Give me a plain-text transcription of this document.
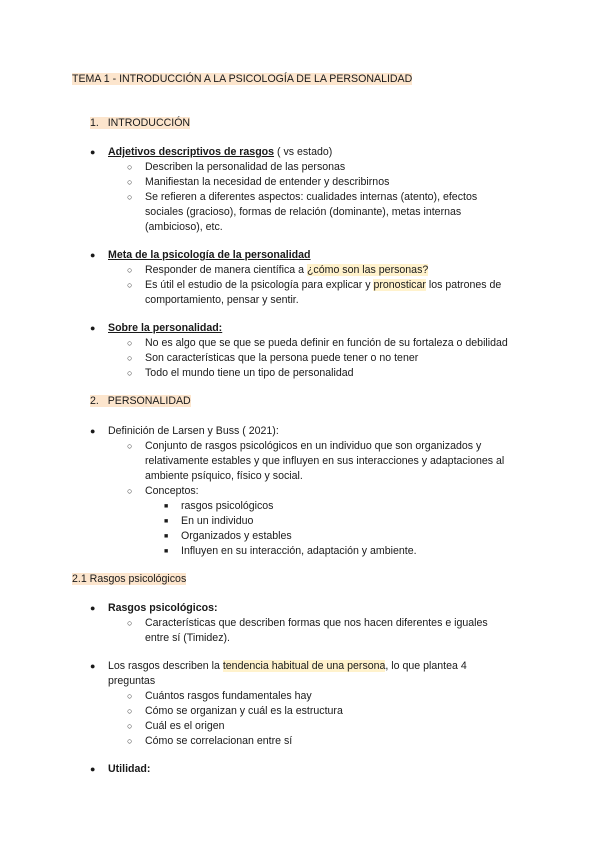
TEMA 1 - INTRODUCCIÓN A LA PSICOLOGÍA DE LA PERSONALIDAD
1. INTRODUCCIÓN
● Adjetivos descriptivos de rasgos ( vs estado)
○ Describen la personalidad de las personas
○ Manifiestan la necesidad de entender y describirnos
○ Se refieren a diferentes aspectos: cualidades internas (atento), efectos
sociales (gracioso), formas de relación (dominante), metas internas
(ambicioso), etc.
● Meta de la psicología de la personalidad
○ Responder de manera científica a ¿cómo son las personas?
○ Es útil el estudio de la psicología para explicar y pronosticar los patrones de
comportamiento, pensar y sentir.
● Sobre la personalidad:
○ No es algo que se que se pueda definir en función de su fortaleza o debilidad
○ Son características que la persona puede tener o no tener
○ Todo el mundo tiene un tipo de personalidad
2. PERSONALIDAD
● Definición de Larsen y Buss ( 2021):
○ Conjunto de rasgos psicológicos en un individuo que son organizados y
relativamente estables y que influyen en sus interacciones y adaptaciones al
ambiente psíquico, físico y social.
○ Conceptos:
■ rasgos psicológicos
■ En un individuo
■ Organizados y estables
■ Influyen en su interacción, adaptación y ambiente.
2.1 Rasgos psicológicos
● Rasgos psicológicos:
○ Características que describen formas que nos hacen diferentes e iguales
entre sí (Timidez).
● Los rasgos describen la tendencia habitual de una persona, lo que plantea 4
preguntas
○ Cuántos rasgos fundamentales hay
○ Cómo se organizan y cuál es la estructura
○ Cuál es el origen
○ Cómo se correlacionan entre sí
● Utilidad:
